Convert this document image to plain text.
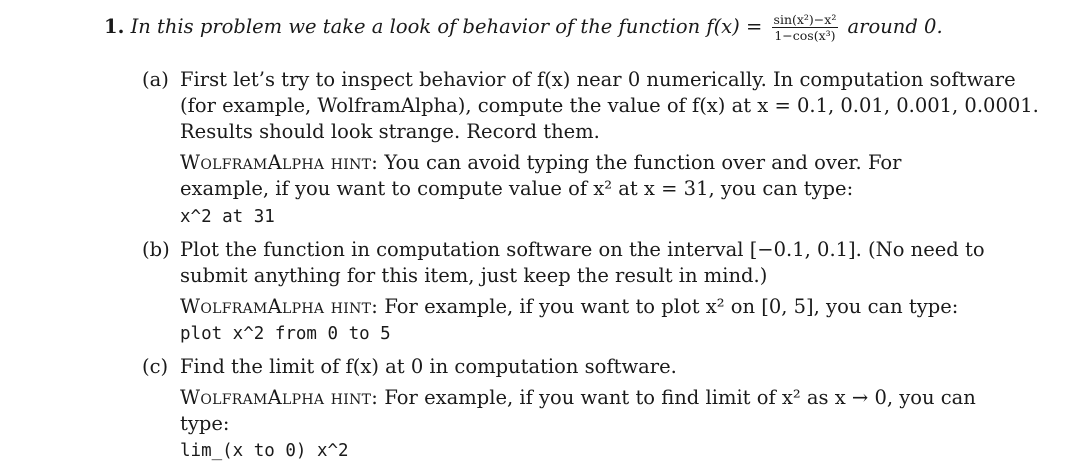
1. In this problem we take a look of behavior of the function $f(x) = \frac{\text{sin(x²)−x²}}{\text{1−cos(x³)}}$ around 0.
(a) First let’s try to inspect behavior of f(x) near 0 numerically. In computation software
(for example, WolframAlpha), compute the value of f(x) at x = 0.1, 0.01, 0.001, 0.0001.
Results should look strange. Record them.
WolframAlpha hint: You can avoid typing the function over and over. For
example, if you want to compute value of x² at x = 31, you can type:
x^2 at 31
(b) Plot the function in computation software on the interval [−0.1, 0.1]. (No need to
submit anything for this item, just keep the result in mind.)
WolframAlpha hint: For example, if you want to plot x² on [0, 5], you can type:
plot x^2 from 0 to 5
(c) Find the limit of f(x) at 0 in computation software.
WolframAlpha hint: For example, if you want to find limit of x² as x → 0, you can
type:
lim_(x to 0) x^2
